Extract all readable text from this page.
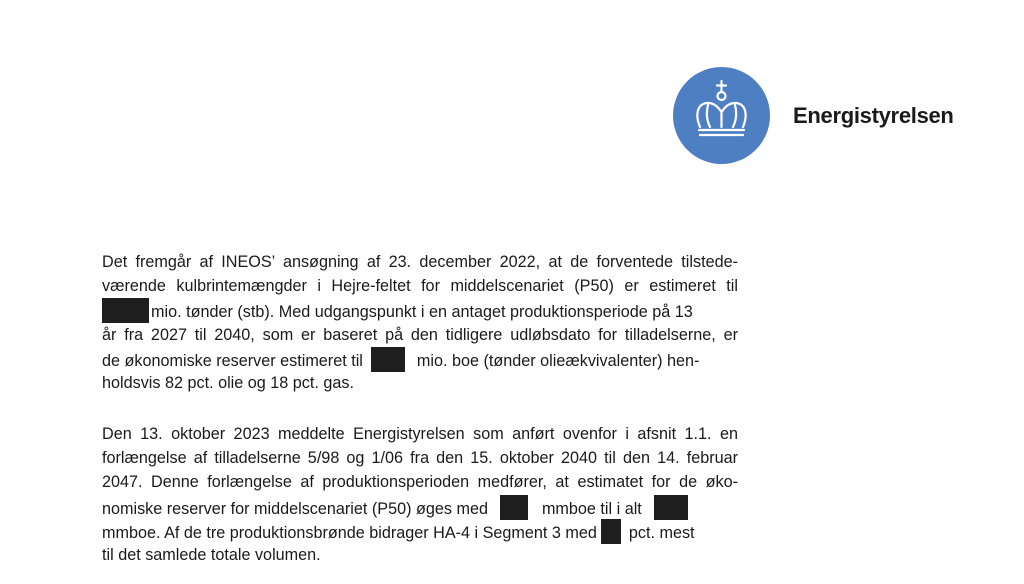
Energistyrelsen
Det fremgår af INEOS’ ansøgning af 23. december 2022, at de forventede tilstede-
værende kulbrintemængder i Hejre-feltet for middelscenariet (P50) er estimeret til
mio. tønder (stb). Med udgangspunkt i en antaget produktionsperiode på 13
år fra 2027 til 2040, som er baseret på den tidligere udløbsdato for tilladelserne, er
de økonomiske reserver estimeret til	mio. boe (tønder olieækvivalenter) hen-
holdsvis 82 pct. olie og 18 pct. gas.
Den 13. oktober 2023 meddelte Energistyrelsen som anført ovenfor i afsnit 1.1. en
forlængelse af tilladelserne 5/98 og 1/06 fra den 15. oktober 2040 til den 14. februar
2047. Denne forlængelse af produktionsperioden medfører, at estimatet for de øko-
nomiske reserver for middelscenariet (P50) øges med	mmboe til i alt
mmboe. Af de tre produktionsbrønde bidrager HA-4 i Segment 3 med pct. mest
til det samlede totale volumen.
